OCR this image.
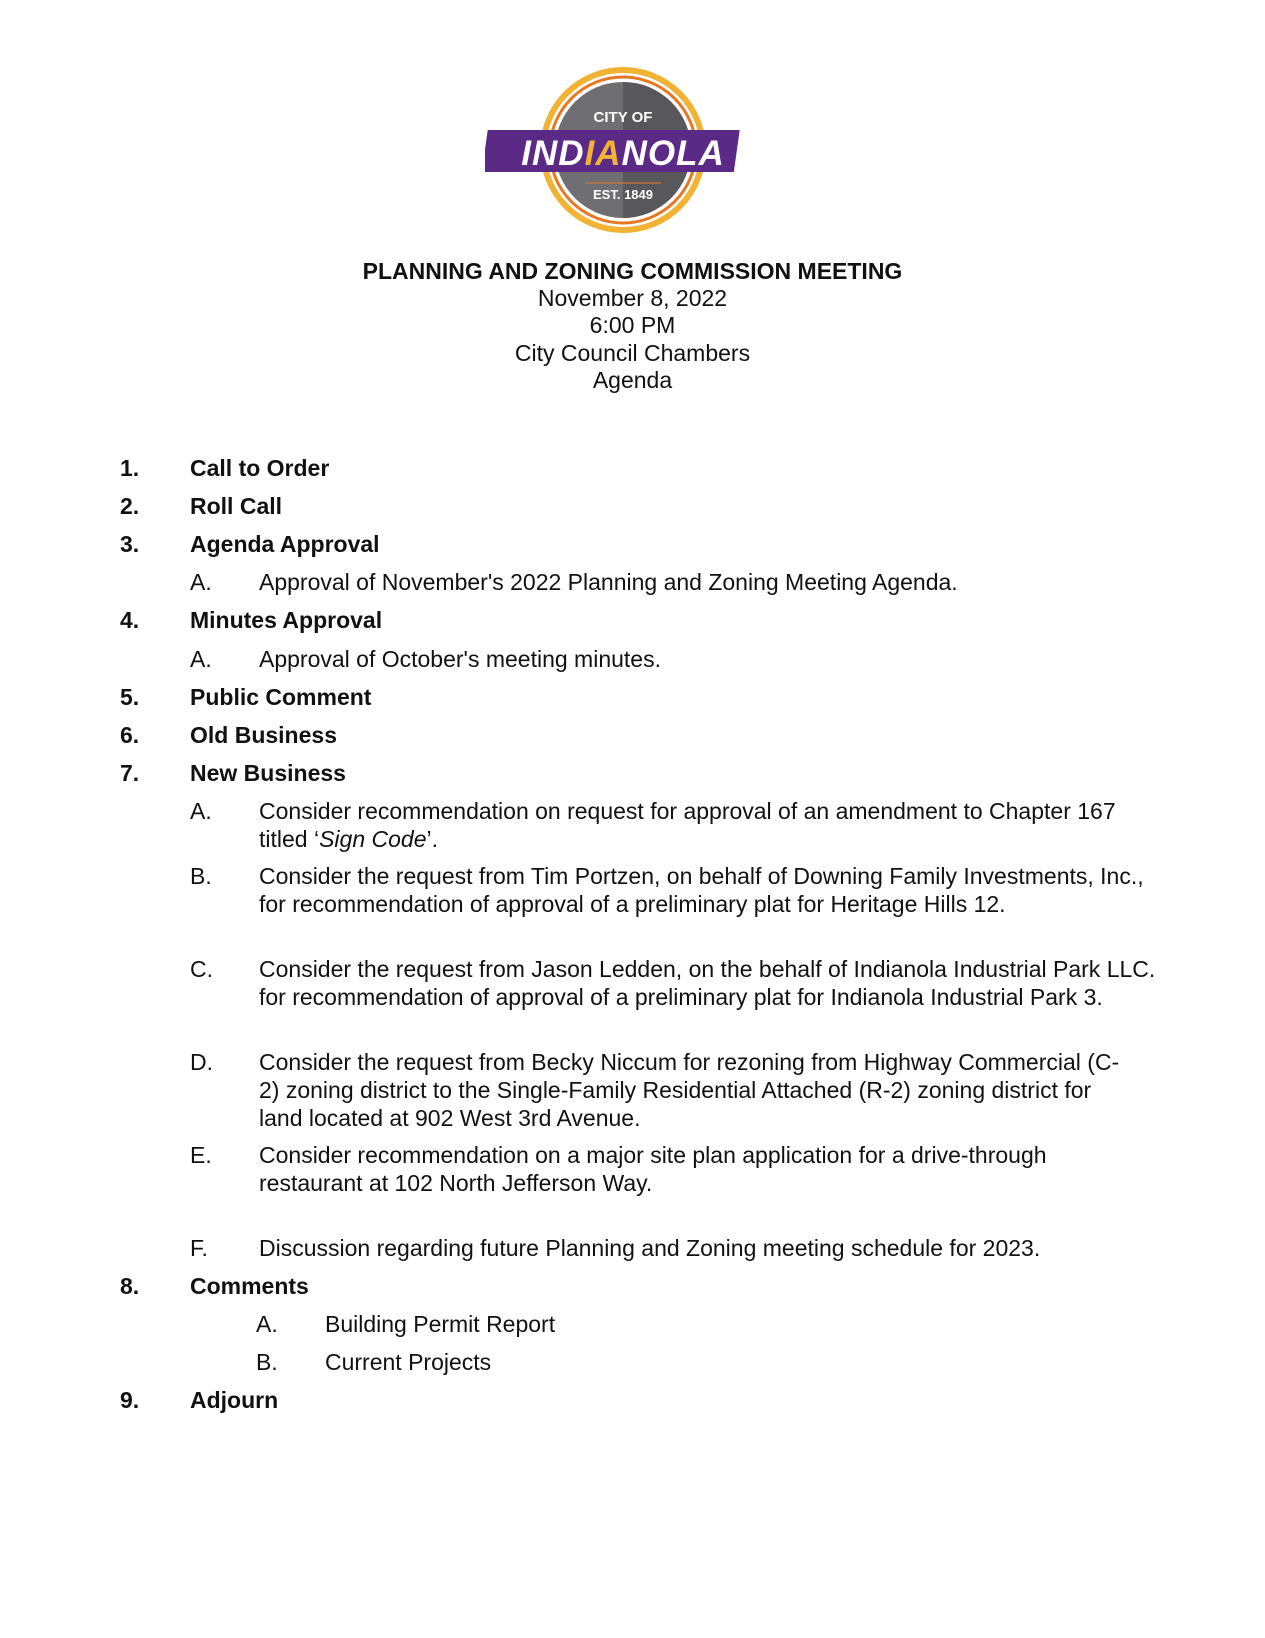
CITY OF
INDIANOLA
EST. 1849
PLANNING AND ZONING COMMISSION MEETING
November 8, 2022
6:00 PM
City Council Chambers
Agenda
1. Call to Order
2. Roll Call
3. Agenda Approval
A. Approval of November's 2022 Planning and Zoning Meeting Agenda.
4. Minutes Approval
A. Approval of October's meeting minutes.
5. Public Comment
6. Old Business
7. New Business
A. Consider recommendation on request for approval of an amendment to Chapter 167 titled ‘Sign Code’.
B. Consider the request from Tim Portzen, on behalf of Downing Family Investments, Inc., for recommendation of approval of a preliminary plat for Heritage Hills 12.
C. Consider the request from Jason Ledden, on the behalf of Indianola Industrial Park LLC. for recommendation of approval of a preliminary plat for Indianola Industrial Park 3.
D. Consider the request from Becky Niccum for rezoning from Highway Commercial (C-2) zoning district to the Single-Family Residential Attached (R-2) zoning district for land located at 902 West 3rd Avenue.
E. Consider recommendation on a major site plan application for a drive-through restaurant at 102 North Jefferson Way.
F. Discussion regarding future Planning and Zoning meeting schedule for 2023.
8. Comments
A. Building Permit Report
B. Current Projects
9. Adjourn
